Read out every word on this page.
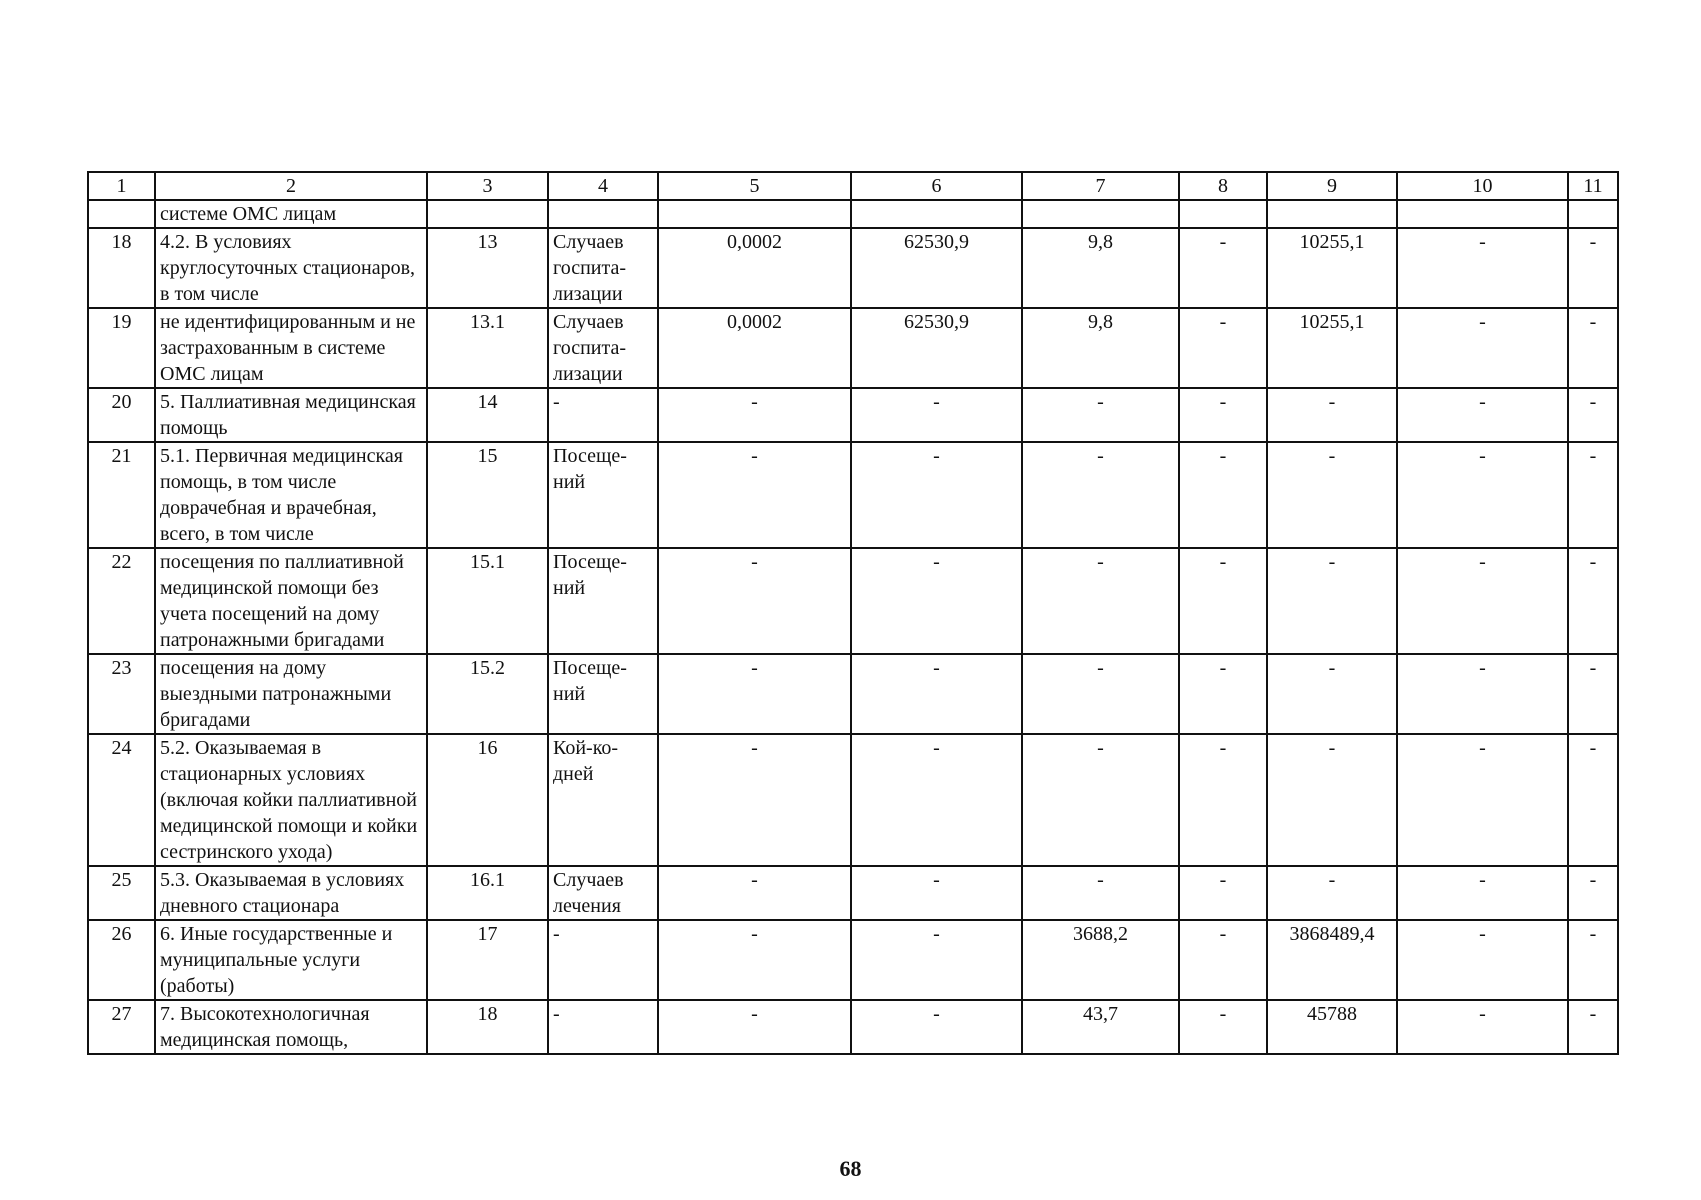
1	2	3	4	5	6	7	8	9	10	11
	системе ОМС лицам									
18	4.2. В условиях круглосуточных стационаров, в том числе	13	Случаев госпита-лизации	0,0002	62530,9	9,8	-	10255,1	-	-
19	не идентифицированным и не застрахованным в системе ОМС лицам	13.1	Случаев госпита-лизации	0,0002	62530,9	9,8	-	10255,1	-	-
20	5. Паллиативная медицинская помощь	14	-	-	-	-	-	-	-	-
21	5.1. Первичная медицинская помощь, в том числе доврачебная и врачебная, всего, в том числе	15	Посеще-ний	-	-	-	-	-	-	-
22	посещения по паллиативной медицинской помощи без учета посещений на дому патронажными бригадами	15.1	Посеще-ний	-	-	-	-	-	-	-
23	посещения на дому выездными патронажными бригадами	15.2	Посеще-ний	-	-	-	-	-	-	-
24	5.2. Оказываемая в стационарных условиях (включая койки паллиативной медицинской помощи и койки сестринского ухода)	16	Кой-ко-дней	-	-	-	-	-	-	-
25	5.3. Оказываемая в условиях дневного стационара	16.1	Случаев лечения	-	-	-	-	-	-	-
26	6. Иные государственные и муниципальные услуги (работы)	17	-	-	-	3688,2	-	3868489,4	-	-
27	7. Высокотехнологичная медицинская помощь,	18	-	-	-	43,7	-	45788	-	-
68
